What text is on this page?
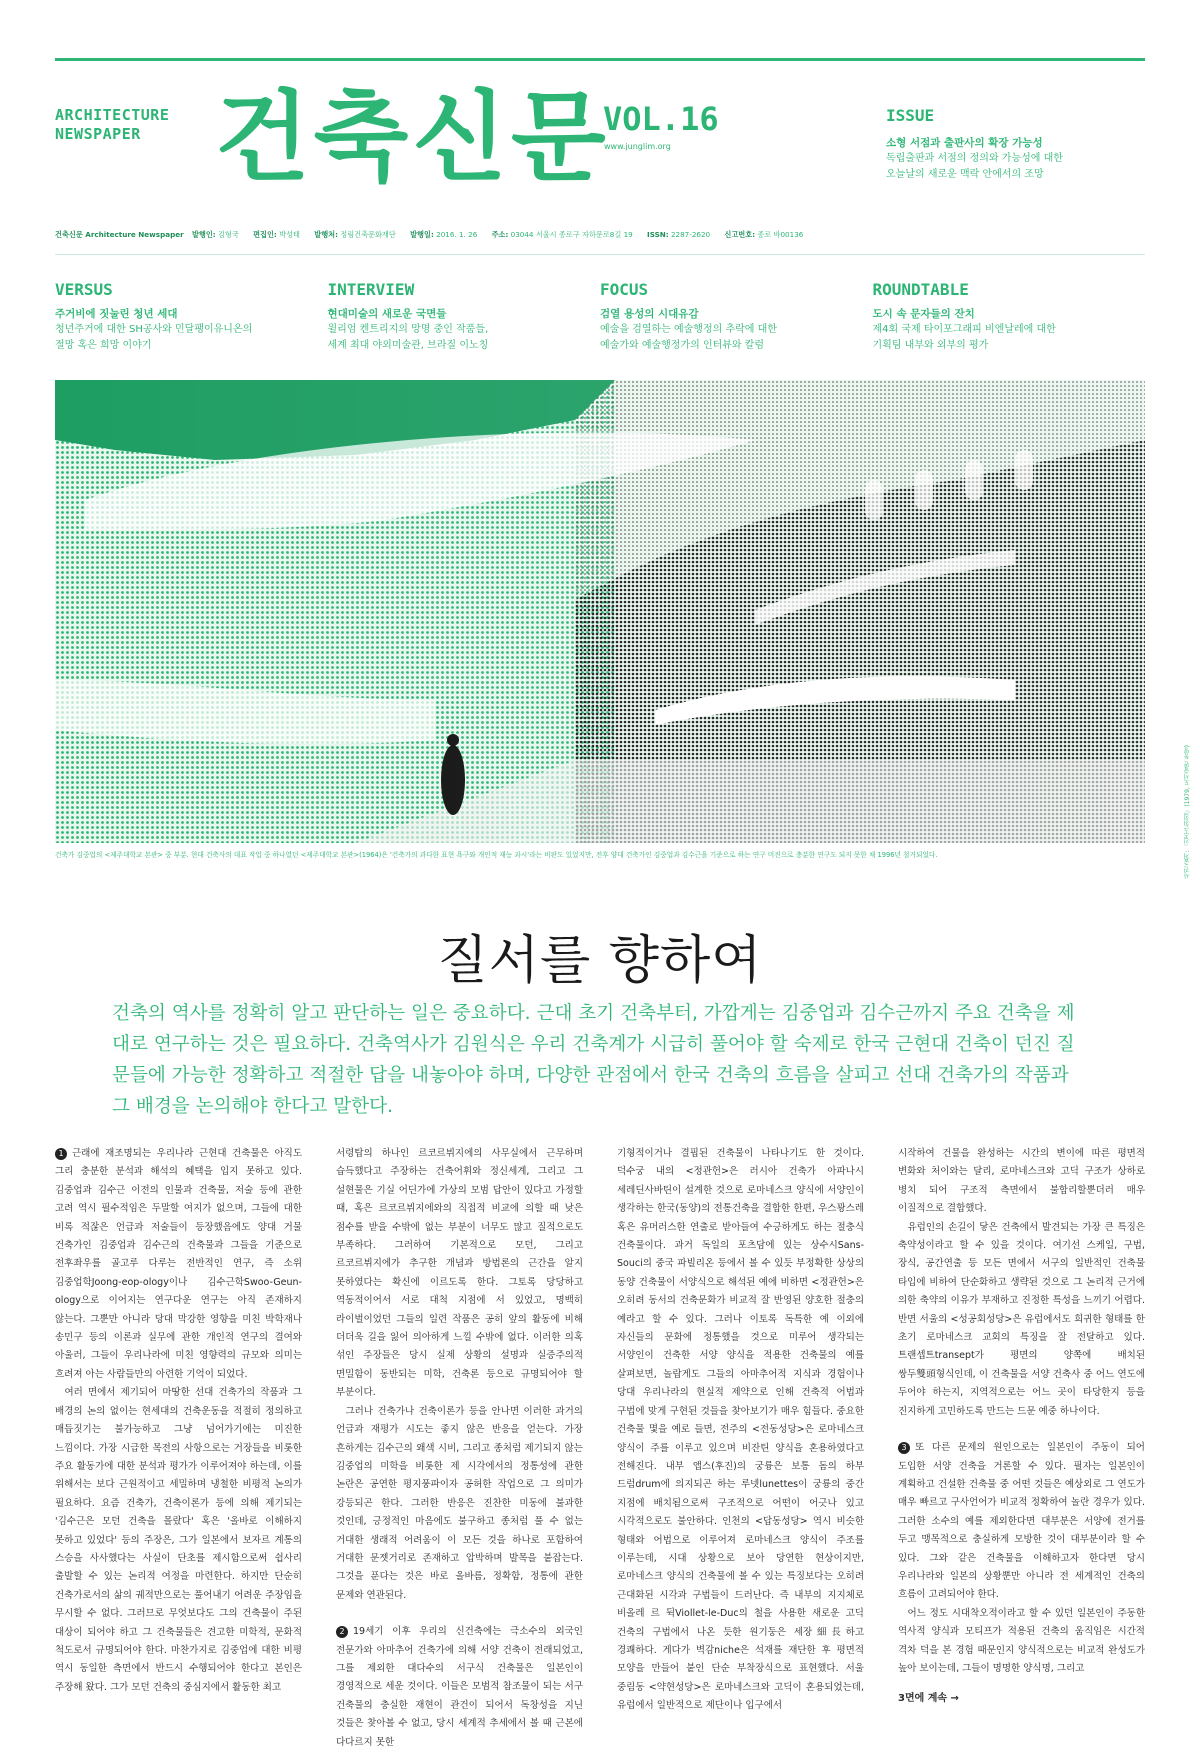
ARCHITECTURE
NEWSPAPER 건축신문
VOL.16
www.junglim.org
ISSUE
소형 서점과 출판사의 확장 가능성
독립출판과 서점의 정의와 가능성에 대한
오늘날의 새로운 맥락 안에서의 조망
건축신문 Architecture Newspaper 발행인: 김형국 편집인: 박성태 발행처: 정림건축문화재단 발행일: 2016. 1. 26 주소: 03044 서울시 종로구 자하문로8길 19 ISSN: 2287-2620 신고번호: 종로 바00136
VERSUS
주거비에 짓눌린 청년 세대
청년주거에 대한 SH공사와 민달팽이유니온의
절망 혹은 희망 이야기
INTERVIEW
현대미술의 새로운 국면들
윌리엄 켄트리지의 망명 중인 작품들,
세계 최대 야외미술관, 브라질 이노칭
FOCUS
검열 용성의 시대유감
예술을 검열하는 예술행정의 추락에 대한
예술가와 예술행정가의 인터뷰와 칼럼
ROUNDTABLE
도시 속 문자들의 잔치
제4회 국제 타이포그래피 비엔날레에 대한
기획팀 내부와 외부의 평가
사진 출처: 『김수근전집』(1979, 도서출판 동양)
건축가 김중업의 <제주대학교 본관> 중 부분. 현대 건축사의 대표 작업 중 하나였던 <제주대학교 본관>(1964)은 '건축가의 과다한 표현 욕구와 개인적 재능 과시'라는 비판도 있었지만, 전후 양대 건축가인 김중업과 김수근을 기준으로 하는 연구 미진으로 충분한 연구도 되지 못한 채 1996년 철거되었다.
질서를 향하여

건축의 역사를 정확히 알고 판단하는 일은 중요하다. 근대 초기 건축부터, 가깝게는 김중업과 김수근까지 주요 건축을 제대로 연구하는 것은 필요하다. 건축역사가 김원식은 우리 건축계가 시급히 풀어야 할 숙제로 한국 근현대 건축이 던진 질문들에 가능한 정확하고 적절한 답을 내놓아야 하며, 다양한 관점에서 한국 건축의 흐름을 살피고 선대 건축가의 작품과 그 배경을 논의해야 한다고 말한다.

1 근래에 재조명되는 우리나라 근현대 건축물은 아직도 그리 충분한 분석과 해석의 혜택을 입지 못하고 있다. 김중업과 김수근 이전의 인물과 건축물, 저술 등에 관한 고려 역시 필수적임은 두말할 여지가 없으며, 그들에 대한 비록 적잖은 언급과 저술들이 등장했음에도 양대 거물 건축가인 김중업과 김수근의 건축물과 그들을 기준으로 전후좌우를 골고루 다루는 전반적인 연구, 즉 소위 김중업학Joong-eop-ology이나 김수근학Swoo-Geun-ology으로 이어지는 연구다운 연구는 아직 존재하지 않는다. 그뿐만 아니라 당대 막강한 영향을 미친 박학재나 송민구 등의 이론과 실무에 관한 개인적 연구의 결여와 아울러, 그들이 우리나라에 미친 영향력의 규모와 의미는 흐려져 아는 사람들만의 아련한 기억이 되었다.

여러 면에서 제기되어 마땅한 선대 건축가의 작품과 그 배경의 논의 없이는 현세대의 건축운동을 적절히 정의하고 매듭짓기는 불가능하고 그냥 넘어가기에는 미진한 느낌이다. 가장 시급한 목전의 사항으로는 거장들을 비롯한 주요 활동가에 대한 분석과 평가가 이루어져야 하는데, 이를 위해서는 보다 근원적이고 세밀하며 냉철한 비평적 논의가 필요하다. 요즘 건축가, 건축이론가 등에 의해 제기되는 '김수근은 모던 건축을 몰랐다' 혹은 '올바로 이해하지 못하고 있었다' 등의 주장은, 그가 일본에서 보자르 계통의 스승을 사사했다는 사실이 단초를 제시함으로써 쉽사리 출발할 수 있는 논리적 여정을 마련한다. 하지만 단순히 건축가로서의 삶의 궤적만으로는 풀어내기 어려운 주장임을 무시할 수 없다. 그러므로 무엇보다도 그의 건축물이 주된 대상이 되어야 하고 그 건축물들은 견고한 미학적, 문화적 척도로서 규명되어야 한다. 마찬가지로 김중업에 대한 비평 역시 동일한 측면에서 반드시 수행되어야 한다고 본인은 주장해 왔다. 그가 모던 건축의 중심지에서 활동한 최고

서령탑의 하나인 르코르뷔지에의 사무실에서 근무하며 습득했다고 주장하는 건축어휘와 정신세계, 그리고 그 설현물은 기실 어딘가에 가상의 모범 답안이 있다고 가정할 때, 혹은 르코르뷔지에와의 직접적 비교에 의할 때 낮은 점수를 받을 수밖에 없는 부분이 너무도 많고 질적으로도 부족하다. 그러하여 기본적으로 모던, 그리고 르코르뷔지에가 추구한 개념과 방법론의 근간을 알지 못하였다는 확신에 이르도록 한다. 그토록 당당하고 역동적이어서 서로 대척 지점에 서 있었고, 명백히 라이벌이었던 그들의 일련 작품은 공히 앞의 활동에 비해 더더욱 길을 잃어 의아하게 느낄 수밖에 없다. 이러한 의혹 섞인 주장들은 당시 실제 상황의 설명과 실증주의적 면밀함이 동반되는 미학, 건축론 등으로 규명되어야 할 부분이다.

그러나 건축가나 건축이론가 등을 안나면 이러한 과거의 언급과 재평가 시도는 좋지 않은 반응을 얻는다. 가장 흔하게는 김수근의 왜색 시비, 그리고 종처럼 제기되지 않는 김중업의 미학을 비롯한 제 시각에서의 정통성에 관한 논란은 공연한 평지풍파이자 공허한 작업으로 그 의미가 강등되곤 한다. 그러한 반응은 진찬한 미동에 불과한 것인데, 긍정적인 마음에도 불구하고 종처럼 풀 수 없는 거대한 생래적 어려움이 이 모든 것을 하나로 포함하여 거대한 문젯거리로 존재하고 압박하며 발목을 붙잡는다. 그것을 푼다는 것은 바로 올바름, 정확함, 정통에 관한 문제와 연관된다.

2 19세기 이후 우리의 신건축에는 극소수의 외국인 전문가와 아마추어 건축가에 의해 서양 건축이 전래되었고, 그를 제외한 대다수의 서구식 건축물은 일본인이 경영적으로 세운 것이다. 이들은 모범적 참조물이 되는 서구 건축물의 충실한 재현이 관건이 되어서 독창성을 지닌 것들은 찾아볼 수 없고, 당시 세계적 추세에서 볼 때 근본에 다다르지 못한

기형적이거나 결핍된 건축물이 나타나기도 한 것이다. 덕수궁 내의 <정관헌>은 러시아 건축가 아파나시 세레딘사바틴이 설계한 것으로 로마네스크 양식에 서양인이 생각하는 한국(동양)의 전통건축을 결합한 한편, 우스꽝스레 혹은 유머러스한 연출로 받아들여 수긍하게도 하는 절충식 건축물이다. 과거 독일의 포츠담에 있는 상수시Sans-Souci의 중국 파빌리온 등에서 볼 수 있듯 부정확한 상상의 동양 건축물이 서양식으로 해석된 예에 비하면 <정관헌>은 오히려 동서의 건축문화가 비교적 잘 반영된 양호한 절충의 예라고 할 수 있다. 그러나 이토록 독특한 예 이외에 자신들의 문화에 정통했을 것으로 미루어 생각되는 서양인이 건축한 서양 양식을 적용한 건축물의 예를 살펴보면, 놀랍게도 그들의 아마추어적 지식과 경험이나 당대 우리나라의 현실적 제약으로 인해 건축적 어법과 구법에 맞게 구현된 것들을 찾아보기가 매우 힘들다. 중요한 건축물 몇을 예로 들면, 전주의 <전동성당>은 로마네스크 양식이 주를 이루고 있으며 비잔틴 양식을 혼용하였다고 전해진다. 내부 앱스(후진)의 궁륭은 보통 돔의 하부 드럼drum에 의지되곤 하는 루넷lunettes이 궁륭의 중간 지점에 배치됨으로써 구조적으로 어떤이 어긋나 있고 시각적으로도 불안하다. 인천의 <답동성당> 역시 비슷한 형태와 어법으로 이루어져 로마네스크 양식이 주조를 이루는데, 시대 상황으로 보아 당연한 현상이지만, 로마네스크 양식의 건축물에 볼 수 있는 특징보다는 오히려 근대화된 시각과 구법들이 드러난다. 즉 내부의 지지체로 비올레 르 뒥Viollet-le-Duc의 철을 사용한 새로운 고딕 건축의 구법에서 나온 듯한 원기둥은 세장細長하고 경쾌하다. 게다가 벽감niche은 석재를 재단한 후 평면적 모양을 만들어 붙인 단순 부착장식으로 표현했다. 서울 중림동 <약현성당>은 로마네스크와 고딕이 혼용되었는데, 유럽에서 일반적으로 제단이나 입구에서

시작하여 건물을 완성하는 시간의 변이에 따른 평면적 변화와 처이와는 달리, 로마네스크와 고딕 구조가 상하로 병치 되어 구조적 측면에서 불합리할뿐더러 매우 이질적으로 결합했다.

유럽인의 손길이 닿은 건축에서 발견되는 가장 큰 특징은 축약성이라고 할 수 있을 것이다. 여기선 스케일, 구법, 장식, 공간연출 등 모든 면에서 서구의 일반적인 건축물 타입에 비하여 단순화하고 생략된 것으로 그 논리적 근거에 의한 축약의 이유가 부재하고 진정한 특성을 느끼기 어렵다. 반면 서울의 <성공회성당>은 유럽에서도 희귀한 형태를 한 초기 로마네스크 교회의 특징을 잘 전달하고 있다. 트랜셉트transept가 평면의 양쪽에 배치된 쌍두雙頭형식인데, 이 건축물을 서양 건축사 중 어느 연도에 두어야 하는지, 지역적으로는 어느 곳이 타당한지 등을 진지하게 고민하도록 만드는 드문 예중 하나이다.

3 또 다른 문제의 원인으로는 일본인이 주동이 되어 도입한 서양 건축을 거론할 수 있다. 필자는 일본인이 계획하고 건설한 건축물 중 어떤 것들은 예상외로 그 연도가 매우 빠르고 구사언어가 비교적 정확하여 놀란 경우가 있다. 그러한 소수의 예를 제외한다면 대부분은 서양에 전거를 두고 맹목적으로 충실하게 모방한 것이 대부분이라 할 수 있다. 그와 같은 건축물을 이해하고자 한다면 당시 우리나라와 일본의 상황뿐만 아니라 전 세계적인 건축의 흐름이 고려되어야 한다.

어느 정도 시대착오적이라고 할 수 있던 일본인이 주동한 역사적 양식과 모티프가 적용된 건축의 움직임은 시간적 격차 덕을 본 경험 때문인지 양식적으로는 비교적 완성도가 높아 보이는데, 그들이 명명한 양식명, 그리고

3면에 계속 →
